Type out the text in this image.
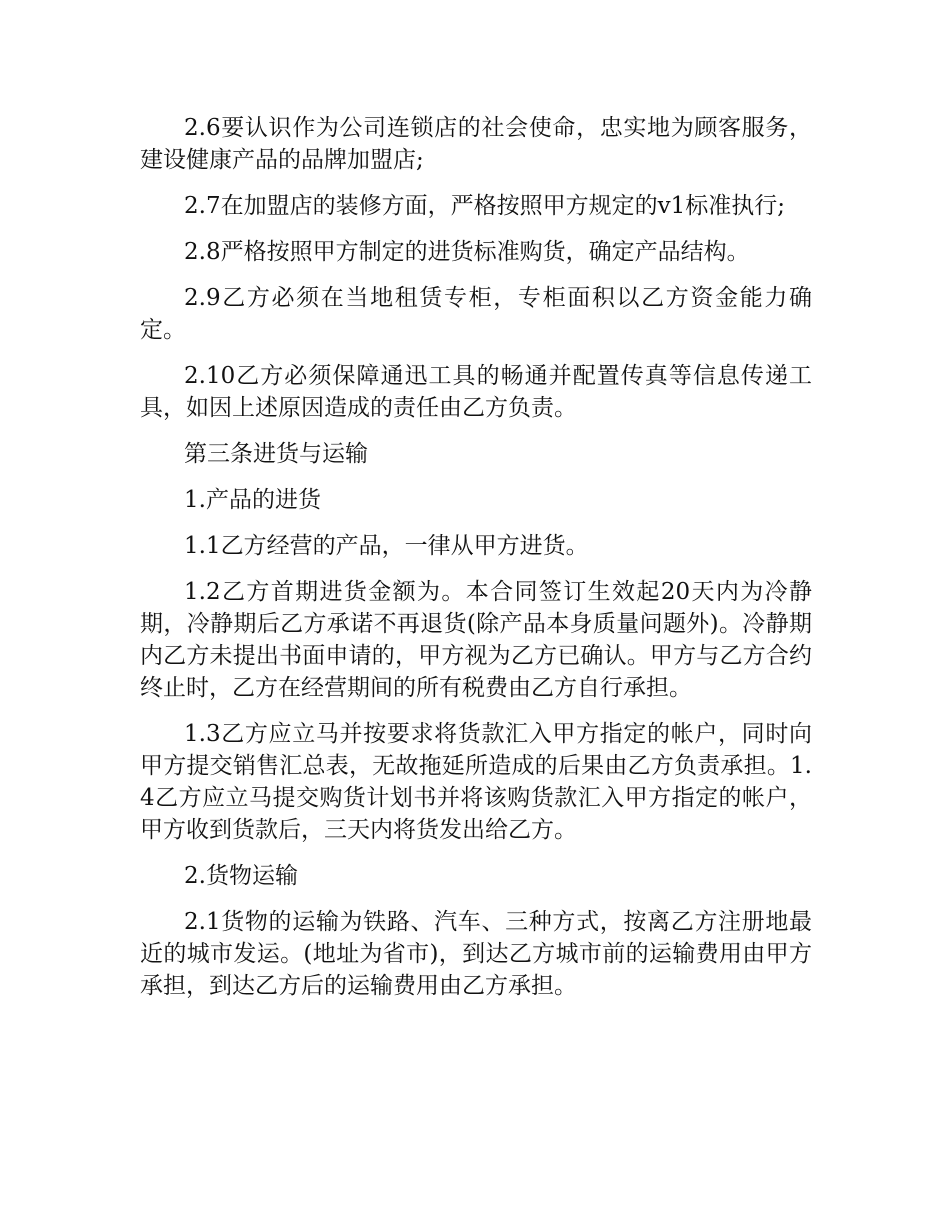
2.6要认识作为公司连锁店的社会使命，忠实地为顾客服务，建设健康产品的品牌加盟店;

2.7在加盟店的装修方面，严格按照甲方规定的v1标准执行;

2.8严格按照甲方制定的进货标准购货，确定产品结构。

2.9乙方必须在当地租赁专柜，专柜面积以乙方资金能力确定。

2.10乙方必须保障通迅工具的畅通并配置传真等信息传递工具，如因上述原因造成的责任由乙方负责。

第三条进货与运输

1.产品的进货

1.1乙方经营的产品，一律从甲方进货。

1.2乙方首期进货金额为。本合同签订生效起20天内为冷静期，冷静期后乙方承诺不再退货(除产品本身质量问题外)。冷静期内乙方未提出书面申请的，甲方视为乙方已确认。甲方与乙方合约终止时，乙方在经营期间的所有税费由乙方自行承担。

1.3乙方应立马并按要求将货款汇入甲方指定的帐户，同时向甲方提交销售汇总表，无故拖延所造成的后果由乙方负责承担。1.4乙方应立马提交购货计划书并将该购货款汇入甲方指定的帐户，甲方收到货款后，三天内将货发出给乙方。

2.货物运输

2.1货物的运输为铁路、汽车、三种方式，按离乙方注册地最近的城市发运。(地址为省市)，到达乙方城市前的运输费用由甲方承担，到达乙方后的运输费用由乙方承担。
